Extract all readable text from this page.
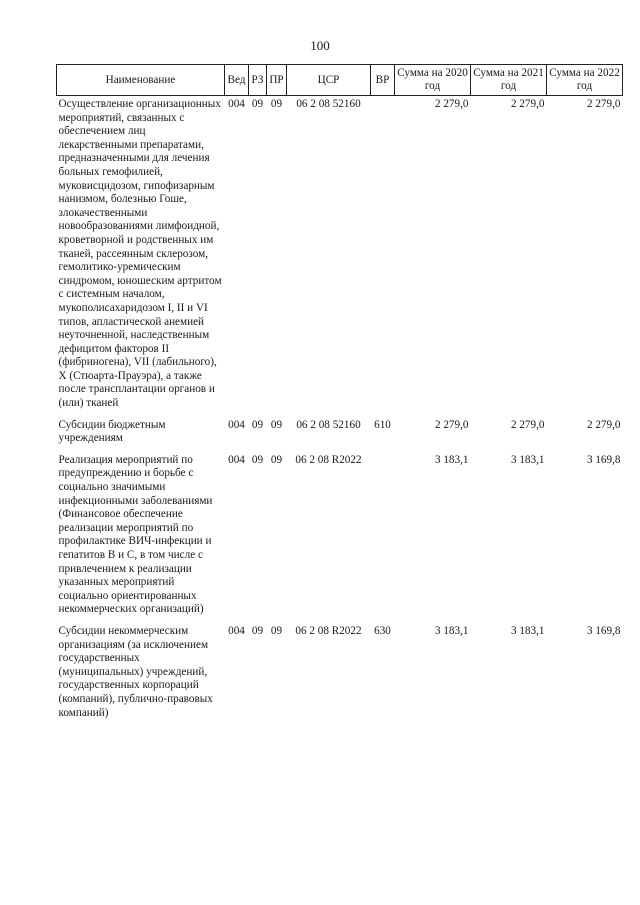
100
Наименование	Вед	РЗ	ПР	ЦСР	ВР	Сумма на 2020 год	Сумма на 2021 год	Сумма на 2022 год
Осуществление организационных мероприятий, связанных с обеспечением лиц лекарственными препаратами, предназначенными для лечения больных гемофилией, муковисцидозом, гипофизарным нанизмом, болезнью Гоше, злокачественными новообразованиями лимфоидной, кроветворной и родственных им тканей, рассеянным склерозом, гемолитико-уремическим синдромом, юношеским артритом с системным началом, мукополисахаридозом I, II и VI типов, апластической анемией неуточненной, наследственным дефицитом факторов II (фибриногена), VII (лабильного), X (Стюарта-Прауэра), а также после трансплантации органов и (или) тканей	004	09	09	06 2 08 52160		2 279,0	2 279,0	2 279,0
Субсидии бюджетным учреждениям	004	09	09	06 2 08 52160	610	2 279,0	2 279,0	2 279,0
Реализация мероприятий по предупреждению и борьбе с социально значимыми инфекционными заболеваниями (Финансовое обеспечение реализации мероприятий по профилактике ВИЧ-инфекции и гепатитов B и C, в том числе с привлечением к реализации указанных мероприятий социально ориентированных некоммерческих организаций)	004	09	09	06 2 08 R2022		3 183,1	3 183,1	3 169,8
Субсидии некоммерческим организациям (за исключением государственных (муниципальных) учреждений, государственных корпораций (компаний), публично-правовых компаний)	004	09	09	06 2 08 R2022	630	3 183,1	3 183,1	3 169,8
